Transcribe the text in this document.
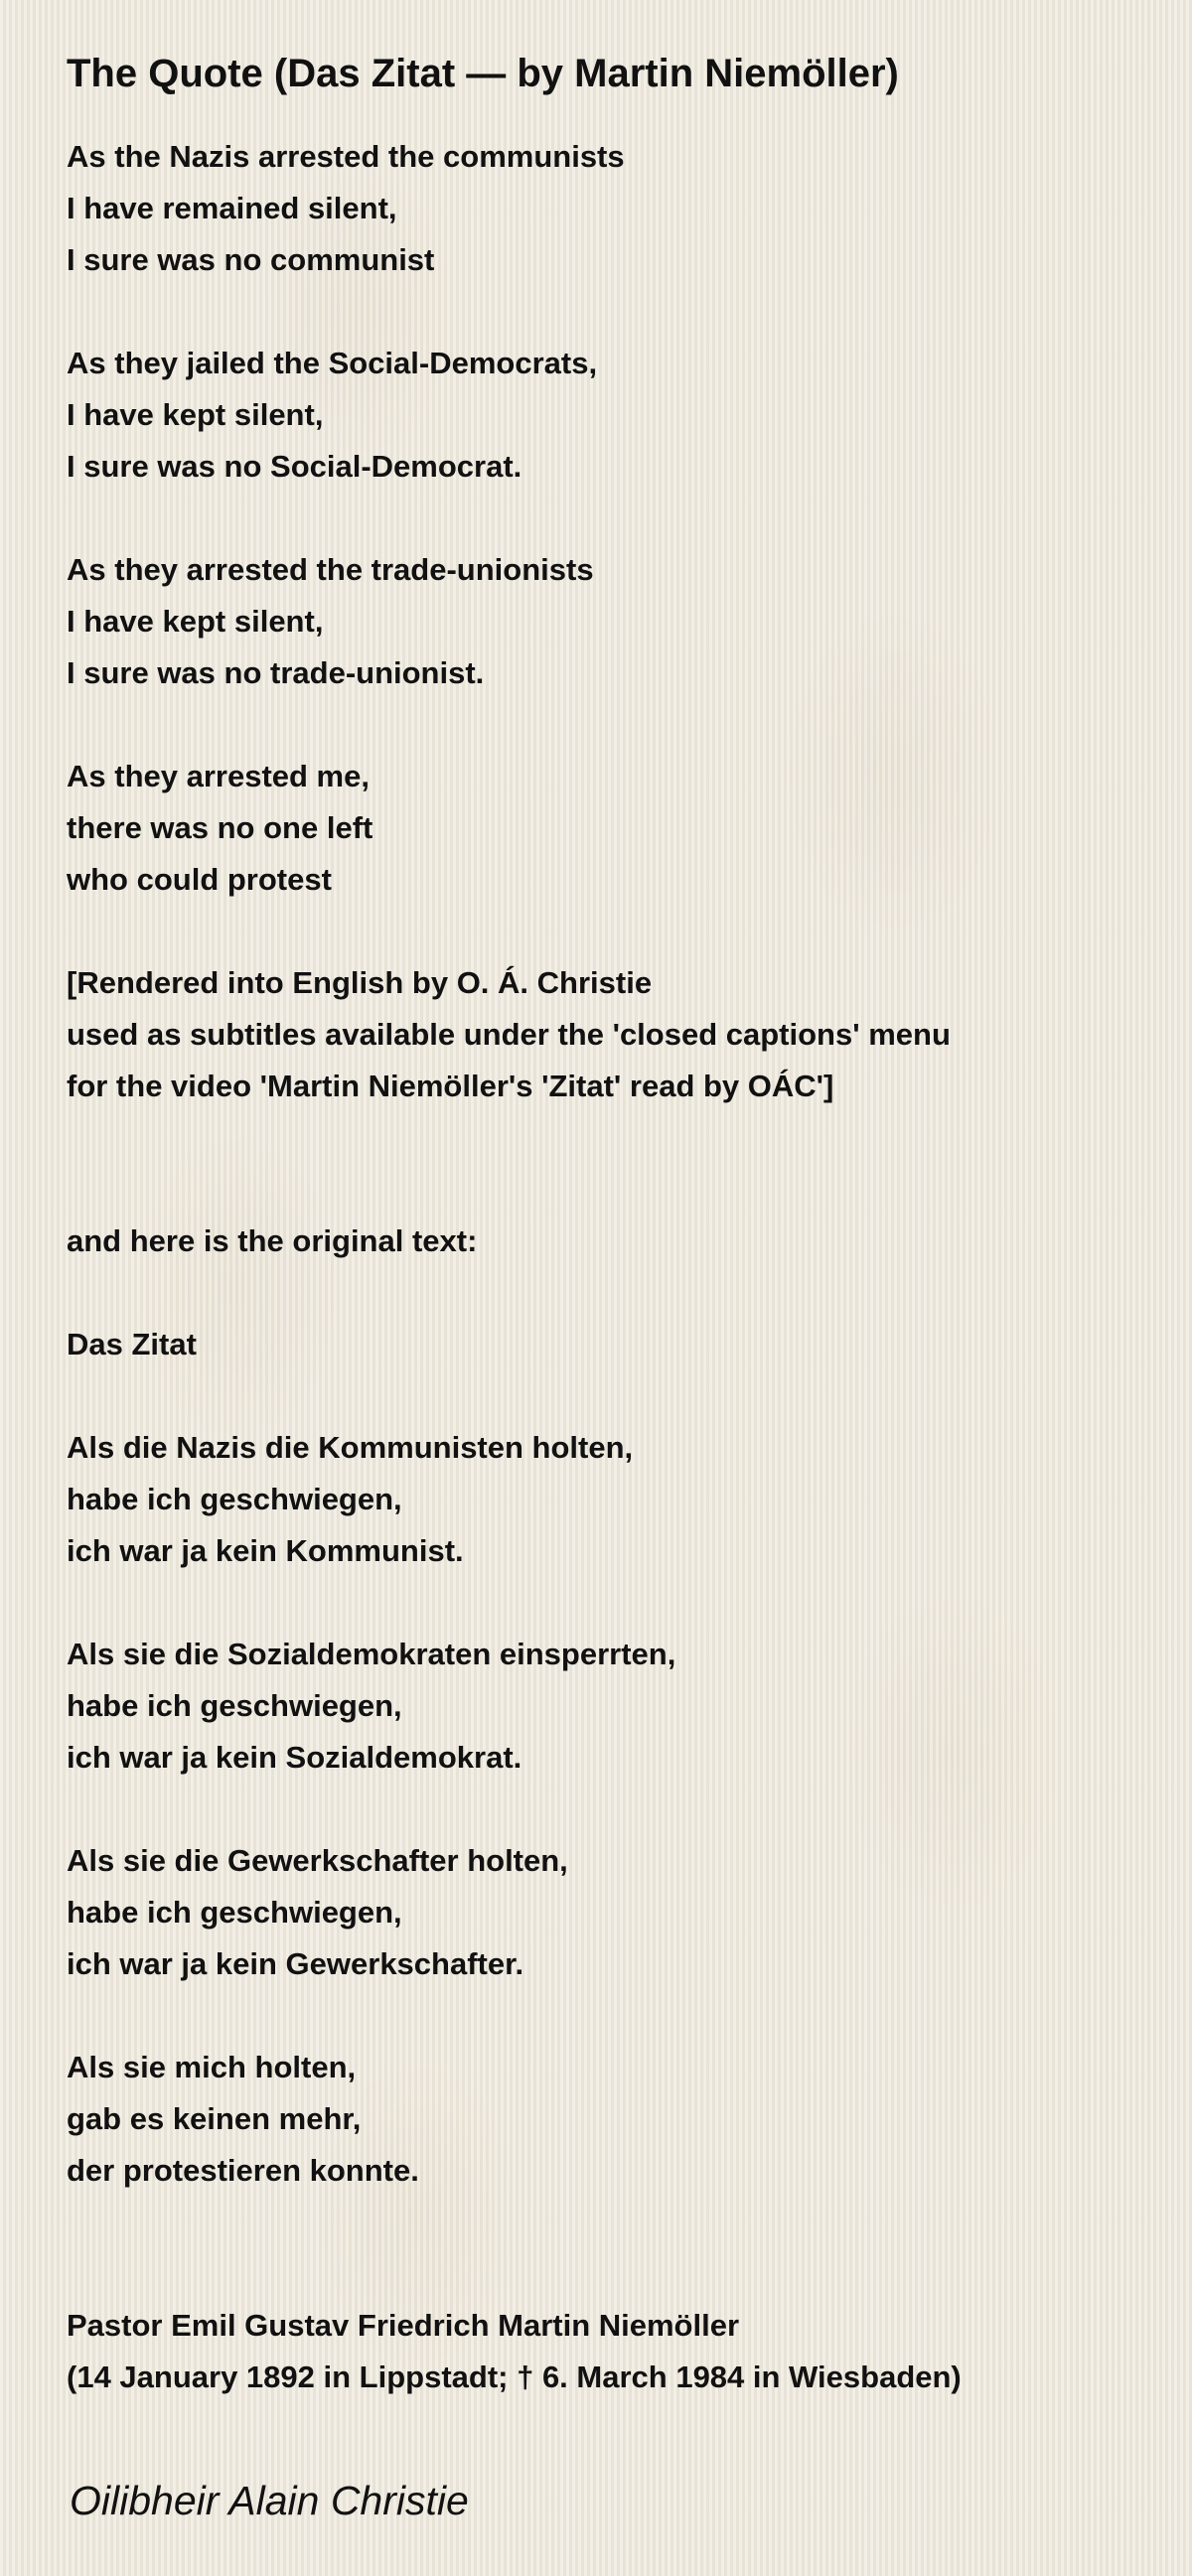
The Quote (Das Zitat — by Martin Niemöller)
As the Nazis arrested the communists
I have remained silent,
I sure was no communist
As they jailed the Social-Democrats,
I have kept silent,
I sure was no Social-Democrat.
As they arrested the trade-unionists
I have kept silent,
I sure was no trade-unionist.
As they arrested me,
there was no one left
who could protest
[Rendered into English by O. Á. Christie
used as subtitles available under the 'closed captions' menu
for the video 'Martin Niemöller's 'Zitat' read by OÁC']
and here is the original text:
Das Zitat
Als die Nazis die Kommunisten holten,
habe ich geschwiegen,
ich war ja kein Kommunist.
Als sie die Sozialdemokraten einsperrten,
habe ich geschwiegen,
ich war ja kein Sozialdemokrat.
Als sie die Gewerkschafter holten,
habe ich geschwiegen,
ich war ja kein Gewerkschafter.
Als sie mich holten,
gab es keinen mehr,
der protestieren konnte.
Pastor Emil Gustav Friedrich Martin Niemöller
(14 January 1892 in Lippstadt; † 6. March 1984 in Wiesbaden)
Oilibheir Alain Christie
